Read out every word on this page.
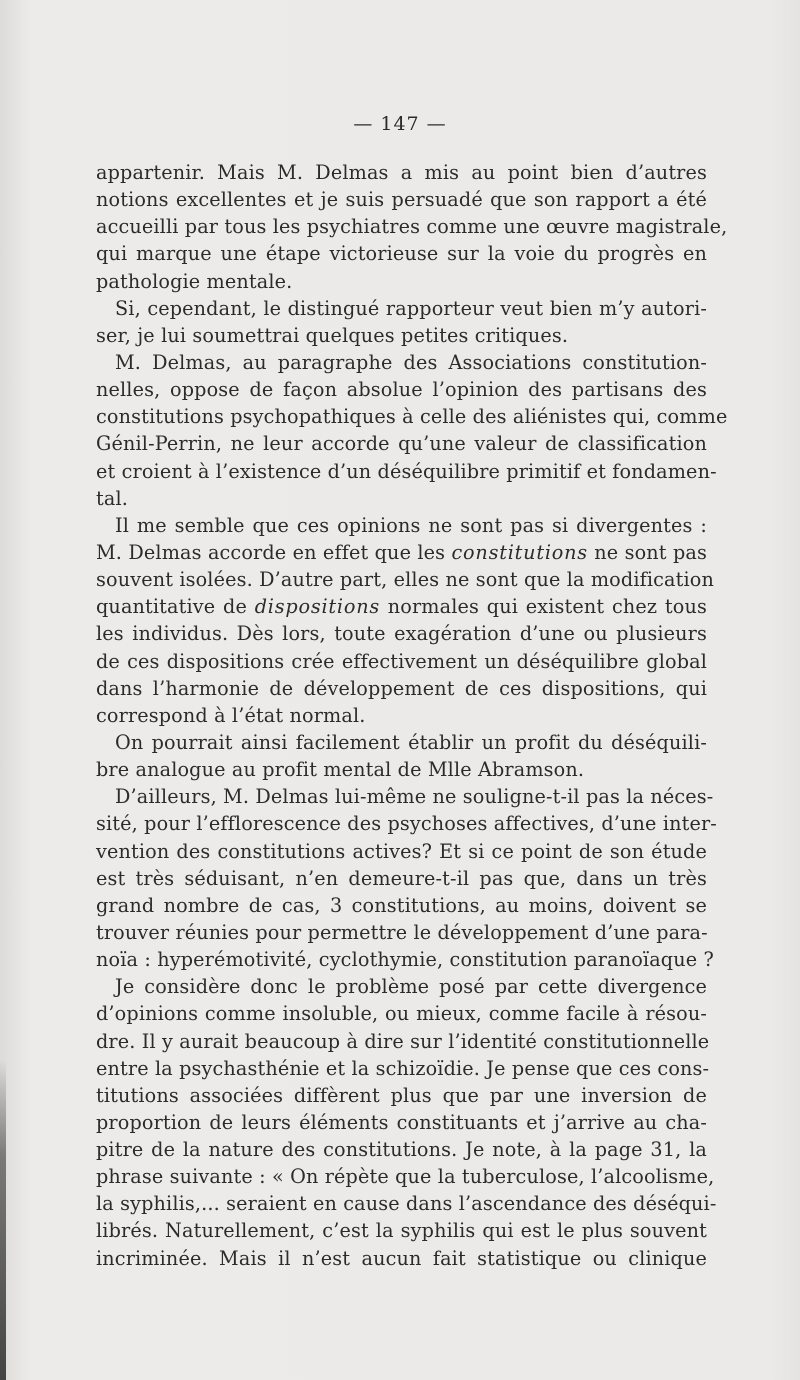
— 147 —
appartenir. Mais M. Delmas a mis au point bien d’autres
notions excellentes et je suis persuadé que son rapport a été
accueilli par tous les psychiatres comme une œuvre magistrale,
qui marque une étape victorieuse sur la voie du progrès en
pathologie mentale.
Si, cependant, le distingué rapporteur veut bien m’y autori-
ser, je lui soumettrai quelques petites critiques.
M. Delmas, au paragraphe des Associations constitution-
nelles, oppose de façon absolue l’opinion des partisans des
constitutions psychopathiques à celle des aliénistes qui, comme
Génil-Perrin, ne leur accorde qu’une valeur de classification
et croient à l’existence d’un déséquilibre primitif et fondamen-
tal.
Il me semble que ces opinions ne sont pas si divergentes :
M. Delmas accorde en effet que les constitutions ne sont pas
souvent isolées. D’autre part, elles ne sont que la modification
quantitative de dispositions normales qui existent chez tous
les individus. Dès lors, toute exagération d’une ou plusieurs
de ces dispositions crée effectivement un déséquilibre global
dans l’harmonie de développement de ces dispositions, qui
correspond à l’état normal.
On pourrait ainsi facilement établir un profit du déséquili-
bre analogue au profit mental de Mlle Abramson.
D’ailleurs, M. Delmas lui-même ne souligne-t-il pas la néces-
sité, pour l’efflorescence des psychoses affectives, d’une inter-
vention des constitutions actives? Et si ce point de son étude
est très séduisant, n’en demeure-t-il pas que, dans un très
grand nombre de cas, 3 constitutions, au moins, doivent se
trouver réunies pour permettre le développement d’une para-
noïa : hyperémotivité, cyclothymie, constitution paranoïaque ?
Je considère donc le problème posé par cette divergence
d’opinions comme insoluble, ou mieux, comme facile à résou-
dre. Il y aurait beaucoup à dire sur l’identité constitutionnelle
entre la psychasthénie et la schizoïdie. Je pense que ces cons-
titutions associées diffèrent plus que par une inversion de
proportion de leurs éléments constituants et j’arrive au cha-
pitre de la nature des constitutions. Je note, à la page 31, la
phrase suivante : « On répète que la tuberculose, l’alcoolisme,
la syphilis,... seraient en cause dans l’ascendance des déséqui-
librés. Naturellement, c’est la syphilis qui est le plus souvent
incriminée. Mais il n’est aucun fait statistique ou clinique
